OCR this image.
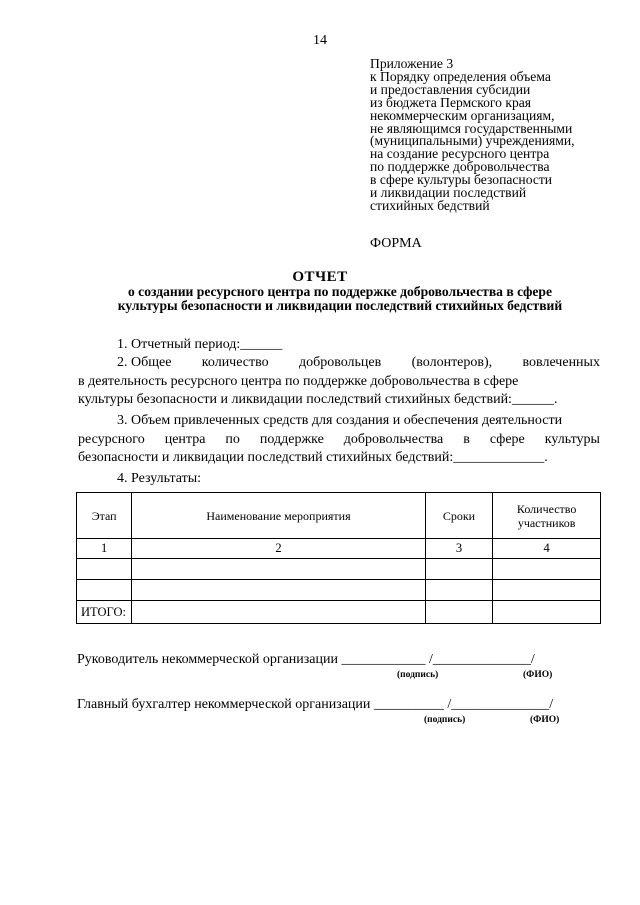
14
Приложение 3
к Порядку определения объема
и предоставления субсидии
из бюджета Пермского края
некоммерческим организациям,
не являющимся государственными
(муниципальными) учреждениями,
на создание ресурсного центра
по поддержке добровольчества
в сфере культуры безопасности
и ликвидации последствий
стихийных бедствий
ФОРМА
ОТЧЕТ
о создании ресурсного центра по поддержке добровольчества в сфере
культуры безопасности и ликвидации последствий стихийных бедствий
1. Отчетный период:______
2. Общее количество добровольцев (волонтеров), вовлеченных
в деятельность ресурсного центра по поддержке добровольчества в сфере
культуры безопасности и ликвидации последствий стихийных бедствий:______.
3. Объем привлеченных средств для создания и обеспечения деятельности
ресурсного центра по поддержке добровольчества в сфере культуры
безопасности и ликвидации последствий стихийных бедствий:_____________.
4. Результаты:
Этап	Наименование мероприятия	Сроки	Количество участников
1	2	3	4

ИТОГО:			
Руководитель некоммерческой организации ____________ /______________/
(подпись)	(ФИО)
Главный бухгалтер некоммерческой организации __________ /______________/
(подпись)	(ФИО)
